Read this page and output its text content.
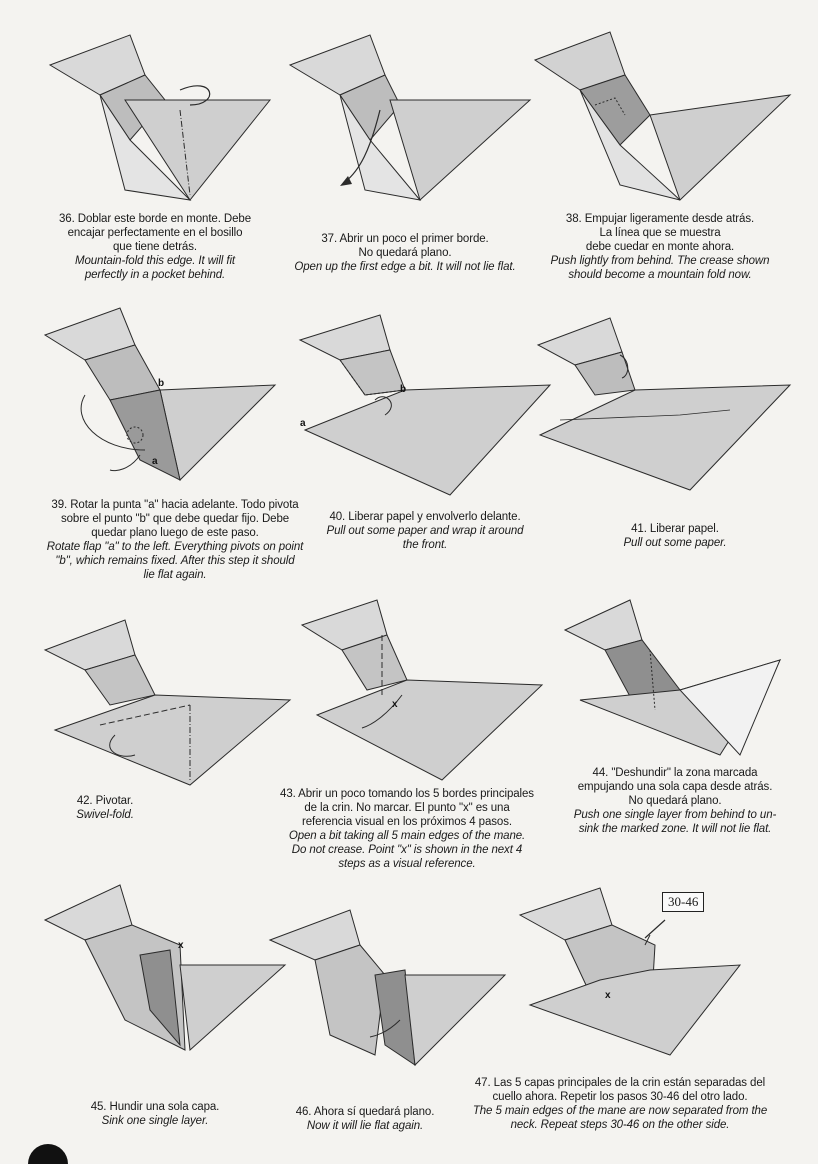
36. Doblar este borde en monte. Debe
encajar perfectamente en el bosillo
que tiene detrás.
Mountain-fold this edge. It will fit
perfectly in a pocket behind.
37. Abrir un poco el primer borde.
No quedará plano.
Open up the first edge a bit. It will not lie flat.
38. Empujar ligeramente desde atrás.
La línea que se muestra
debe cuedar en monte ahora.
Push lightly from behind. The crease shown
should become a mountain fold now.
b
a
39. Rotar la punta "a" hacia adelante. Todo pivota
sobre el punto "b" que debe quedar fijo. Debe
quedar plano luego de este paso.
Rotate flap "a" to the left. Everything pivots on point
"b", which remains fixed. After this step it should
lie flat again.
a
b
40. Liberar papel y envolverlo delante.
Pull out some paper and wrap it around
the front.
41. Liberar papel.
Pull out some paper.
42. Pivotar.
Swivel-fold.
x
43. Abrir un poco tomando los 5 bordes principales
de la crin. No marcar. El punto "x" es una
referencia visual en los próximos 4 pasos.
Open a bit taking all 5 main edges of the mane.
Do not crease. Point "x" is shown in the next 4
steps as a visual reference.
44. "Deshundir" la zona marcada
empujando una sola capa desde atrás.
No quedará plano.
Push one single layer from behind to un-
sink the marked zone. It will not lie flat.
x
45. Hundir una sola capa.
Sink one single layer.
46. Ahora sí quedará plano.
Now it will lie flat again.
x
30-46
47. Las 5 capas principales de la crin están separadas del
cuello ahora. Repetir los pasos 30-46 del otro lado.
The 5 main edges of the mane are now separated from the
neck. Repeat steps 30-46 on the other side.
